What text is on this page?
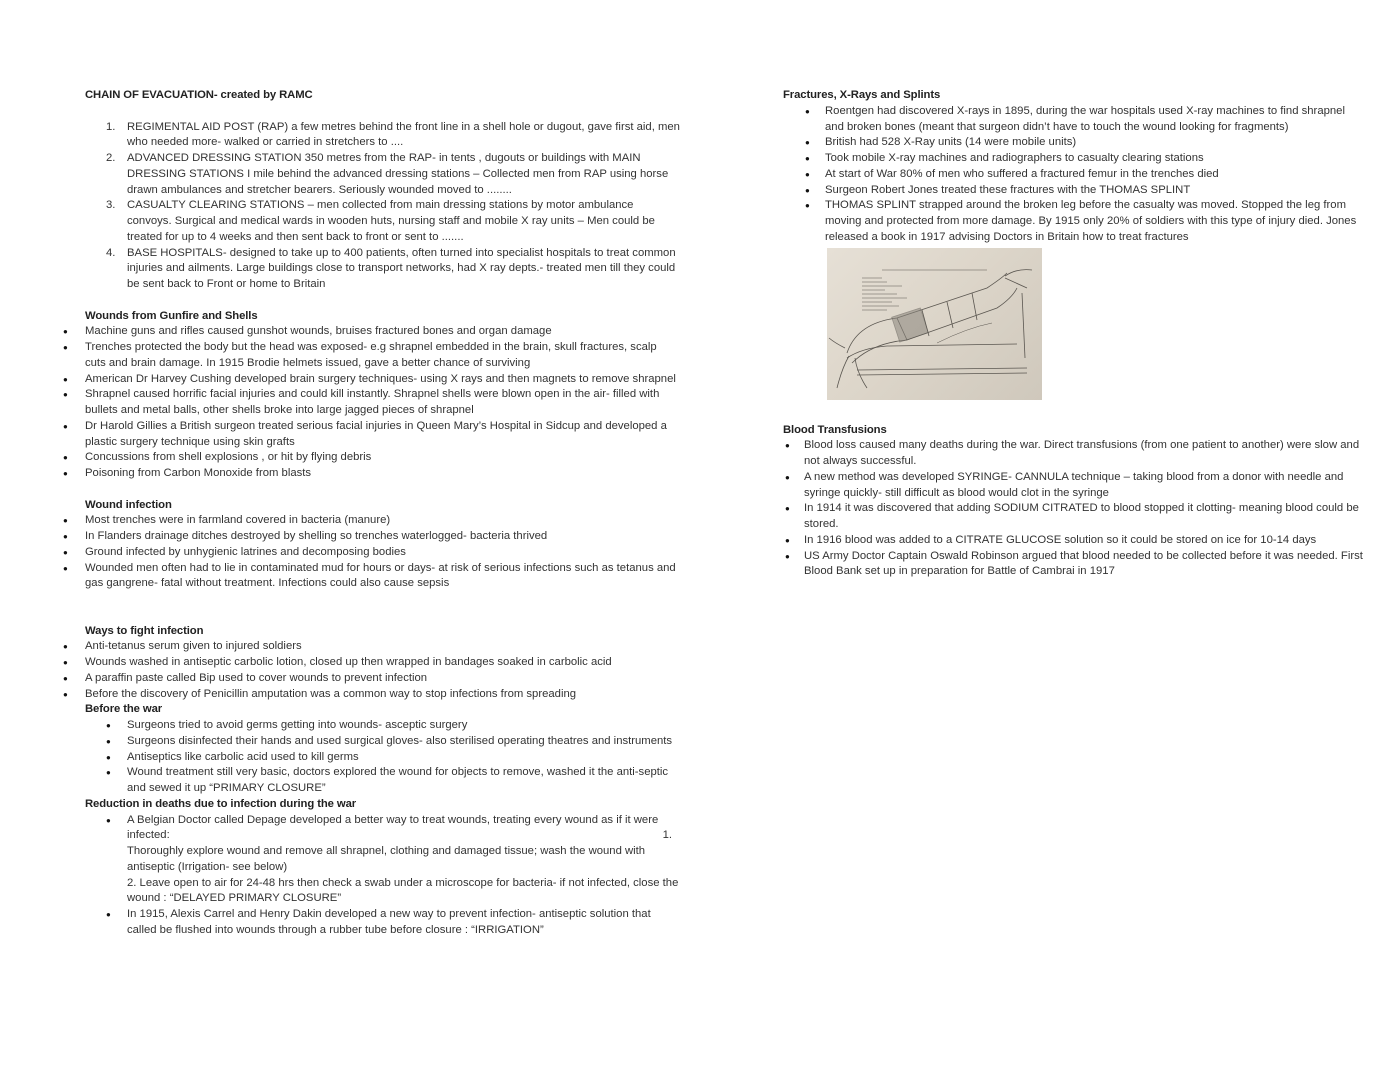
CHAIN OF EVACUATION- created by RAMC
1. REGIMENTAL AID POST (RAP) a few metres behind the front line in a shell hole or dugout, gave first aid, men who needed more- walked or carried in stretchers to ....
2. ADVANCED DRESSING STATION 350 metres from the RAP- in tents , dugouts or buildings with MAIN DRESSING STATIONS I mile behind the advanced dressing stations – Collected men from RAP using horse drawn ambulances and stretcher bearers. Seriously wounded moved to ........
3. CASUALTY CLEARING STATIONS – men collected from main dressing stations by motor ambulance convoys. Surgical and medical wards in wooden huts, nursing staff and mobile X ray units – Men could be treated for up to 4 weeks and then sent back to front or sent to .......
4. BASE HOSPITALS- designed to take up to 400 patients, often turned into specialist hospitals to treat common injuries and ailments. Large buildings close to transport networks, had X ray depts.- treated men till they could be sent back to Front or home to Britain
Wounds from Gunfire and Shells
● Machine guns and rifles caused gunshot wounds, bruises fractured bones and organ damage
● Trenches protected the body but the head was exposed- e.g shrapnel embedded in the brain, skull fractures, scalp cuts and brain damage. In 1915 Brodie helmets issued, gave a better chance of surviving
● American Dr Harvey Cushing developed brain surgery techniques- using X rays and then magnets to remove shrapnel
● Shrapnel caused horrific facial injuries and could kill instantly. Shrapnel shells were blown open in the air- filled with bullets and metal balls, other shells broke into large jagged pieces of shrapnel
● Dr Harold Gillies a British surgeon treated serious facial injuries in Queen Mary’s Hospital in Sidcup and developed a plastic surgery technique using skin grafts
● Concussions from shell explosions , or hit by flying debris
● Poisoning from Carbon Monoxide from blasts
Wound infection
● Most trenches were in farmland covered in bacteria (manure)
● In Flanders drainage ditches destroyed by shelling so trenches waterlogged- bacteria thrived
● Ground infected by unhygienic latrines and decomposing bodies
● Wounded men often had to lie in contaminated mud for hours or days- at risk of serious infections such as tetanus and gas gangrene- fatal without treatment. Infections could also cause sepsis
Ways to fight infection
● Anti-tetanus serum given to injured soldiers
● Wounds washed in antiseptic carbolic lotion, closed up then wrapped in bandages soaked in carbolic acid
● A paraffin paste called Bip used to cover wounds to prevent infection
● Before the discovery of Penicillin amputation was a common way to stop infections from spreading
Before the war
● Surgeons tried to avoid germs getting into wounds- asceptic surgery
● Surgeons disinfected their hands and used surgical gloves- also sterilised operating theatres and instruments
● Antiseptics like carbolic acid used to kill germs
● Wound treatment still very basic, doctors explored the wound for objects to remove, washed it the anti-septic and sewed it up “PRIMARY CLOSURE”
Reduction in deaths due to infection during the war
● A Belgian Doctor called Depage developed a better way to treat wounds, treating every wound as if it were infected:	1.
Thoroughly explore wound and remove all shrapnel, clothing and damaged tissue; wash the wound with antiseptic (Irrigation- see below)
2. Leave open to air for 24-48 hrs then check a swab under a microscope for bacteria- if not infected, close the wound : “DELAYED PRIMARY CLOSURE”
● In 1915, Alexis Carrel and Henry Dakin developed a new way to prevent infection- antiseptic solution that called be flushed into wounds through a rubber tube before closure : “IRRIGATION”
Fractures, X-Rays and Splints
● Roentgen had discovered X-rays in 1895, during the war hospitals used X-ray machines to find shrapnel and broken bones (meant that surgeon didn’t have to touch the wound looking for fragments)
● British had 528 X-Ray units (14 were mobile units)
● Took mobile X-ray machines and radiographers to casualty clearing stations
● At start of War 80% of men who suffered a fractured femur in the trenches died
● Surgeon Robert Jones treated these fractures with the THOMAS SPLINT
● THOMAS SPLINT strapped around the broken leg before the casualty was moved. Stopped the leg from moving and protected from more damage. By 1915 only 20% of soldiers with this type of injury died. Jones released a book in 1917 advising Doctors in Britain how to treat fractures
Blood Transfusions
● Blood loss caused many deaths during the war. Direct transfusions (from one patient to another) were slow and not always successful.
● A new method was developed SYRINGE- CANNULA technique – taking blood from a donor with needle and syringe quickly- still difficult as blood would clot in the syringe
● In 1914 it was discovered that adding SODIUM CITRATED to blood stopped it clotting- meaning blood could be stored.
● In 1916 blood was added to a CITRATE GLUCOSE solution so it could be stored on ice for 10-14 days
● US Army Doctor Captain Oswald Robinson argued that blood needed to be collected before it was needed. First Blood Bank set up in preparation for Battle of Cambrai in 1917
